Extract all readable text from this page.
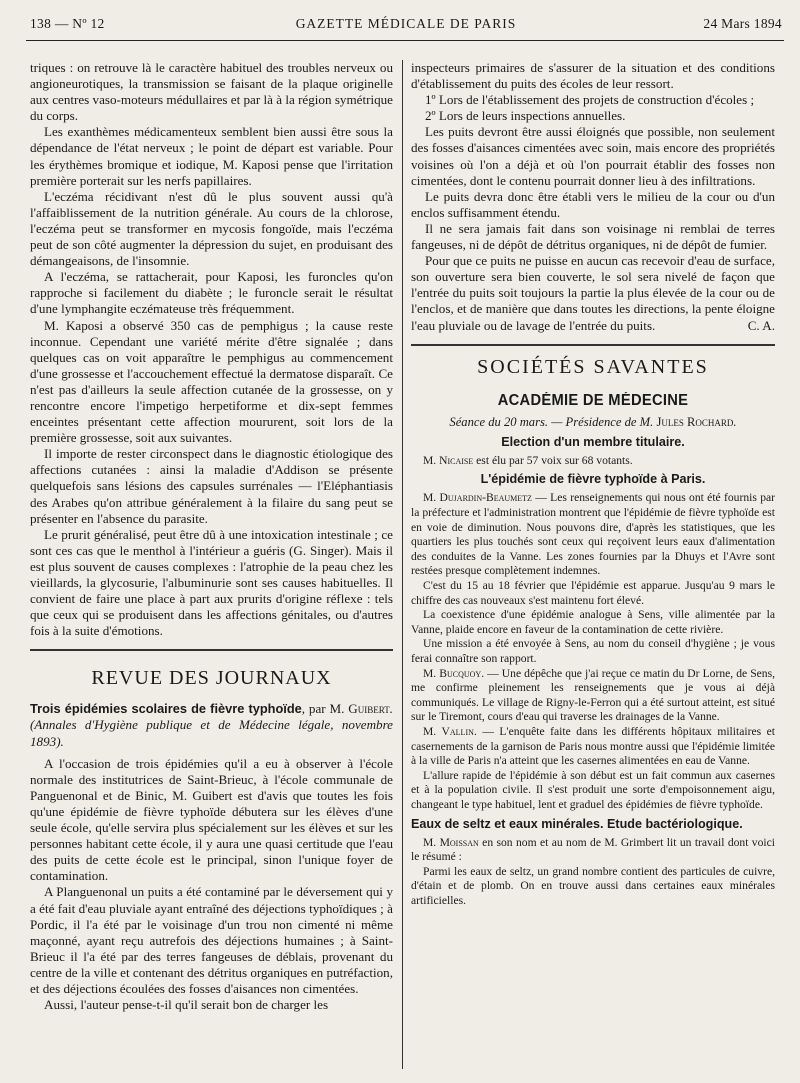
138 — Nº 12	GAZETTE MÉDICALE DE PARIS	24 Mars 1894

triques : on retrouve là le caractère habituel des troubles nerveux ou angioneurotiques, la transmission se faisant de la plaque originelle aux centres vaso-moteurs médullaires et par là à la région symétrique du corps.

Les exanthèmes médicamenteux semblent bien aussi être sous la dépendance de l'état nerveux ; le point de départ est variable. Pour les érythèmes bromique et iodique, M. Kaposi pense que l'irritation première porterait sur les nerfs papillaires.

L'eczéma récidivant n'est dû le plus souvent aussi qu'à l'affaiblissement de la nutrition générale. Au cours de la chlorose, l'eczéma peut se transformer en mycosis fongoïde, mais l'eczéma peut de son côté augmenter la dépression du sujet, en produisant des démangeaisons, de l'insomnie.

A l'eczéma, se rattacherait, pour Kaposi, les furoncles qu'on rapproche si facilement du diabète ; le furoncle serait le résultat d'une lymphangite eczémateuse très fréquemment.

M. Kaposi a observé 350 cas de pemphigus ; la cause reste inconnue. Cependant une variété mérite d'être signalée ; dans quelques cas on voit apparaître le pemphigus au commencement d'une grossesse et l'accouchement effectué la dermatose disparaît. Ce n'est pas d'ailleurs la seule affection cutanée de la grossesse, on y rencontre encore l'impetigo herpetiforme et dix-sept femmes enceintes présentant cette affection moururent, soit lors de la première grossesse, soit aux suivantes.

Il importe de rester circonspect dans le diagnostic étiologique des affections cutanées : ainsi la maladie d'Addison se présente quelquefois sans lésions des capsules surrénales — l'Eléphantiasis des Arabes qu'on attribue généralement à la filaire du sang peut se présenter en l'absence du parasite.

Le prurit généralisé, peut être dû à une intoxication intestinale ; ce sont ces cas que le menthol à l'intérieur a guéris (G. Singer). Mais il est plus souvent de causes complexes : l'atrophie de la peau chez les vieillards, la glycosurie, l'albuminurie sont ses causes habituelles. Il convient de faire une place à part aux prurits d'origine réflexe : tels que ceux qui se produisent dans les affections génitales, ou d'autres fois à la suite d'émotions.

REVUE DES JOURNAUX

Trois épidémies scolaires de fièvre typhoïde, par M. Guibert. (Annales d'Hygiène publique et de Médecine légale, novembre 1893).

A l'occasion de trois épidémies qu'il a eu à observer à l'école normale des institutrices de Saint-Brieuc, à l'école communale de Panguenonal et de Binic, M. Guibert est d'avis que toutes les fois qu'une épidémie de fièvre typhoïde débutera sur les élèves d'une seule école, qu'elle servira plus spécialement sur les élèves et sur les personnes habitant cette école, il y aura une quasi certitude que l'eau des puits de cette école est le principal, sinon l'unique foyer de contamination.

A Planguenonal un puits a été contaminé par le déversement qui y a été fait d'eau pluviale ayant entraîné des déjections typhoïdiques ; à Pordic, il l'a été par le voisinage d'un trou non cimenté ni même maçonné, ayant reçu autrefois des déjections humaines ; à Saint-Brieuc il l'a été par des terres fangeuses de déblais, provenant du centre de la ville et contenant des détritus organiques en putréfaction, et des déjections écoulées des fosses d'aisances non cimentées.

Aussi, l'auteur pense-t-il qu'il serait bon de charger les

inspecteurs primaires de s'assurer de la situation et des conditions d'établissement du puits des écoles de leur ressort.

1º Lors de l'établissement des projets de construction d'écoles ;

2º Lors de leurs inspections annuelles.

Les puits devront être aussi éloignés que possible, non seulement des fosses d'aisances cimentées avec soin, mais encore des propriétés voisines où l'on a déjà et où l'on pourrait établir des fosses non cimentées, dont le contenu pourrait donner lieu à des infiltrations.

Le puits devra donc être établi vers le milieu de la cour ou d'un enclos suffisamment étendu.

Il ne sera jamais fait dans son voisinage ni remblai de terres fangeuses, ni de dépôt de détritus organiques, ni de dépôt de fumier.

Pour que ce puits ne puisse en aucun cas recevoir d'eau de surface, son ouverture sera bien couverte, le sol sera nivelé de façon que l'entrée du puits soit toujours la partie la plus élevée de la cour ou de l'enclos, et de manière que dans toutes les directions, la pente éloigne l'eau pluviale ou de lavage de l'entrée du puits.	C. A.

SOCIÉTÉS SAVANTES
ACADÉMIE DE MÉDECINE
Séance du 20 mars. — Présidence de M. Jules Rochard.
Election d'un membre titulaire.

M. Nicaise est élu par 57 voix sur 68 votants.

L'épidémie de fièvre typhoïde à Paris.

M. Dujardin-Beaumetz — Les renseignements qui nous ont été fournis par la préfecture et l'administration montrent que l'épidémie de fièvre typhoïde est en voie de diminution. Nous pouvons dire, d'après les statistiques, que les quartiers les plus touchés sont ceux qui reçoivent leurs eaux d'alimentation des conduites de la Vanne. Les zones fournies par la Dhuys et l'Avre sont restées presque complètement indemnes.

C'est du 15 au 18 février que l'épidémie est apparue. Jusqu'au 9 mars le chiffre des cas nouveaux s'est maintenu fort élevé.

La coexistence d'une épidémie analogue à Sens, ville alimentée par la Vanne, plaide encore en faveur de la contamination de cette rivière.

Une mission a été envoyée à Sens, au nom du conseil d'hygiène ; je vous ferai connaître son rapport.

M. Bucquoy. — Une dépêche que j'ai reçue ce matin du Dr Lorne, de Sens, me confirme pleinement les renseignements que je vous ai déjà communiqués. Le village de Rigny-le-Ferron qui a été surtout atteint, est situé sur le Tiremont, cours d'eau qui traverse les drainages de la Vanne.

M. Vallin. — L'enquête faite dans les différents hôpitaux militaires et casernements de la garnison de Paris nous montre aussi que l'épidémie limitée à la ville de Paris n'a atteint que les casernes alimentées en eau de Vanne.

L'allure rapide de l'épidémie à son début est un fait commun aux casernes et à la population civile. Il s'est produit une sorte d'empoisonnement aigu, changeant le type habituel, lent et graduel des épidémies de fièvre typhoïde.

Eaux de seltz et eaux minérales. Etude bactériologique.

M. Moissan en son nom et au nom de M. Grimbert lit un travail dont voici le résumé :

Parmi les eaux de seltz, un grand nombre contient des particules de cuivre, d'étain et de plomb. On en trouve aussi dans certaines eaux minérales artificielles.
